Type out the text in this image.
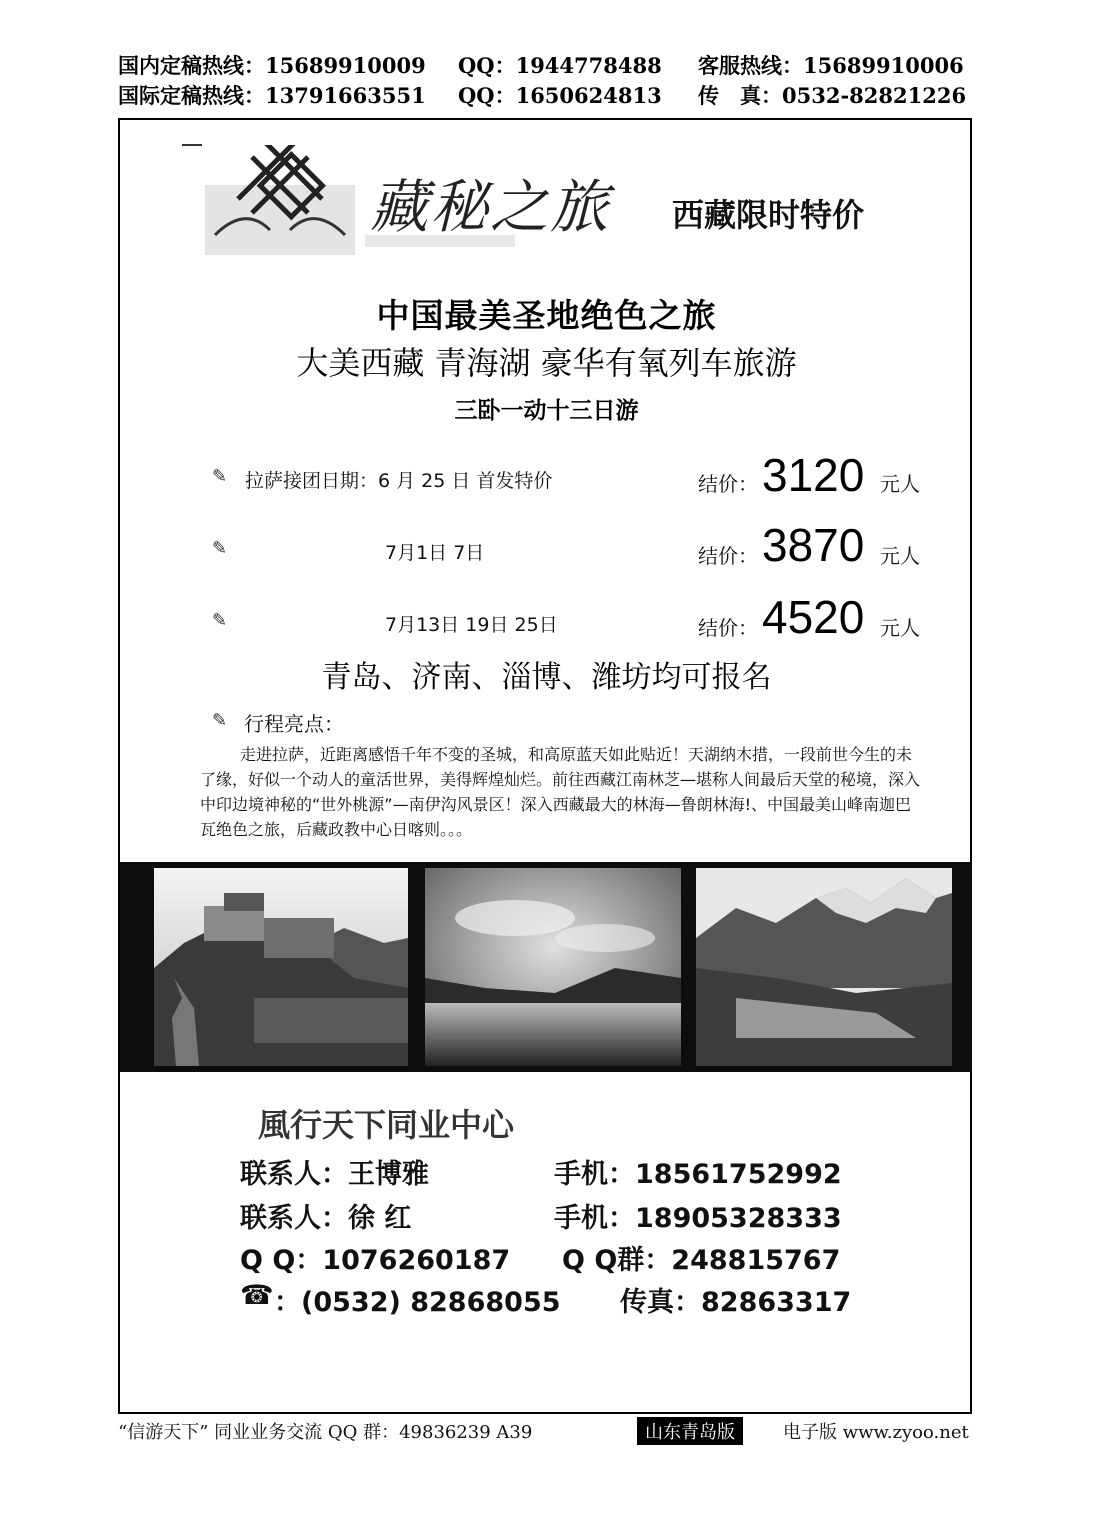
国内定稿热线：15689910009 QQ：1944778488 客服热线：15689910006
国际定稿热线：13791663551 QQ：1650624813 传　真：0532-82821226
藏秘之旅 西藏限时特价
中国最美圣地绝色之旅
大美西藏 青海湖 豪华有氧列车旅游
三卧一动十三日游
✎ 拉萨接团日期：6 月 25 日 首发特价	结价： 3120 元人
✎	7月1日 7日	结价： 3870 元人
✎	7月13日 19日 25日	结价： 4520 元人
青岛、济南、淄博、潍坊均可报名
✎ 行程亮点：
走进拉萨，近距离感悟千年不变的圣城，和高原蓝天如此贴近！天湖纳木措，一段前世今生的未了缘，好似一个动人的童活世界，美得辉煌灿烂。前往西藏江南林芝—堪称人间最后天堂的秘境，深入中印边境神秘的“世外桃源”—南伊沟风景区！深入西藏最大的林海—鲁朗林海!、中国最美山峰南迦巴瓦绝色之旅，后藏政教中心日喀则。。。
風行天下同业中心
联系人：王博雅	手机：18561752992
联系人：徐 红	手机：18905328333
Q Q：1076260187 Q Q群：248815767
☎ ：(0532) 82868055 传真：82863317
“信游天下” 同业业务交流 QQ 群：49836239 A39	山东青岛版	电子版 www.zyoo.net
